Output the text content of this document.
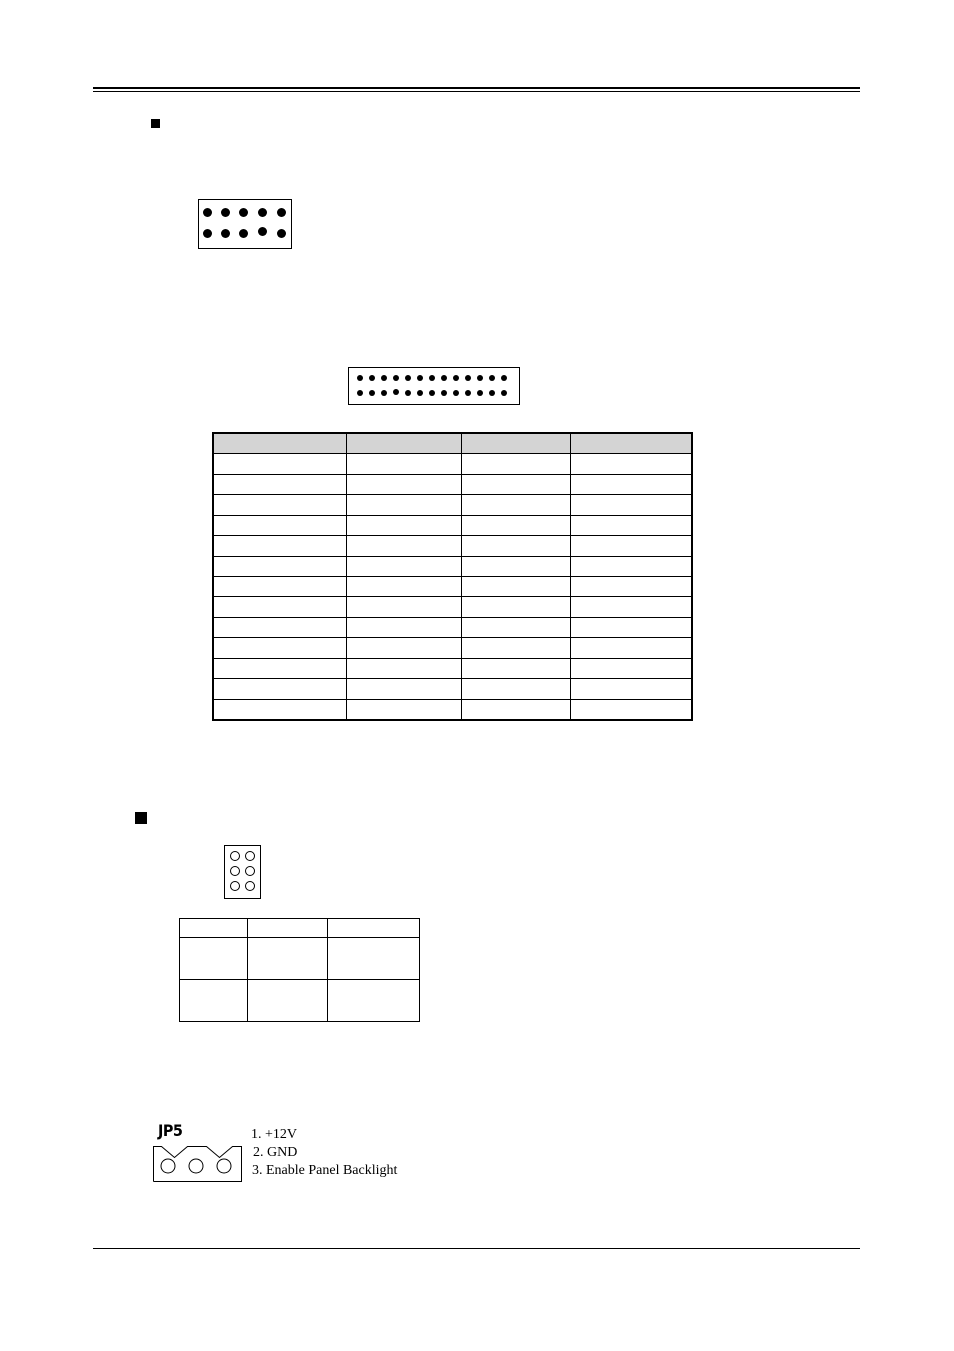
JP5	1. +12V
2. GND
3. Enable Panel Backlight
